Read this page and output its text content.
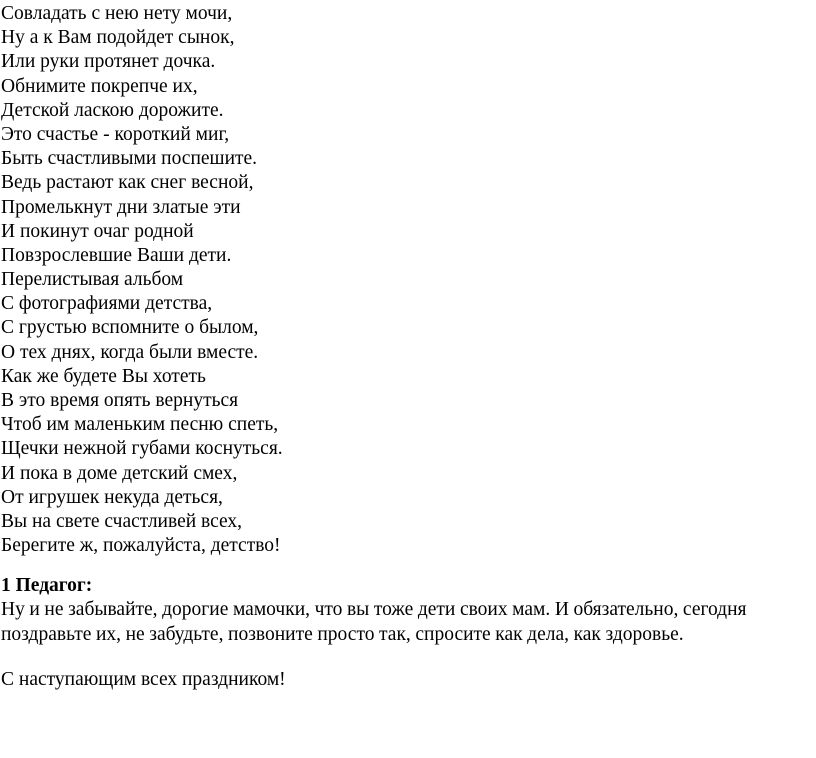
Совладать с нею нету мочи,
Ну а к Вам подойдет сынок,
Или руки протянет дочка.
Обнимите покрепче их,
Детской ласкою дорожите.
Это счастье - короткий миг,
Быть счастливыми поспешите.
Ведь растают как снег весной,
Промелькнут дни златые эти
И покинут очаг родной
Повзрослевшие Ваши дети.
Перелистывая альбом
С фотографиями детства,
С грустью вспомните о былом,
О тех днях, когда были вместе.
Как же будете Вы хотеть
В это время опять вернуться
Чтоб им маленьким песню спеть,
Щечки нежной губами коснуться.
И пока в доме детский смех,
От игрушек некуда деться,
Вы на свете счастливей всех,
Берегите ж, пожалуйста, детство!
1 Педагог:
Ну и не забывайте, дорогие мамочки, что вы тоже дети своих мам. И обязательно, сегодня поздравьте их, не забудьте, позвоните просто так, спросите как дела, как здоровье.
С наступающим всех праздником!
